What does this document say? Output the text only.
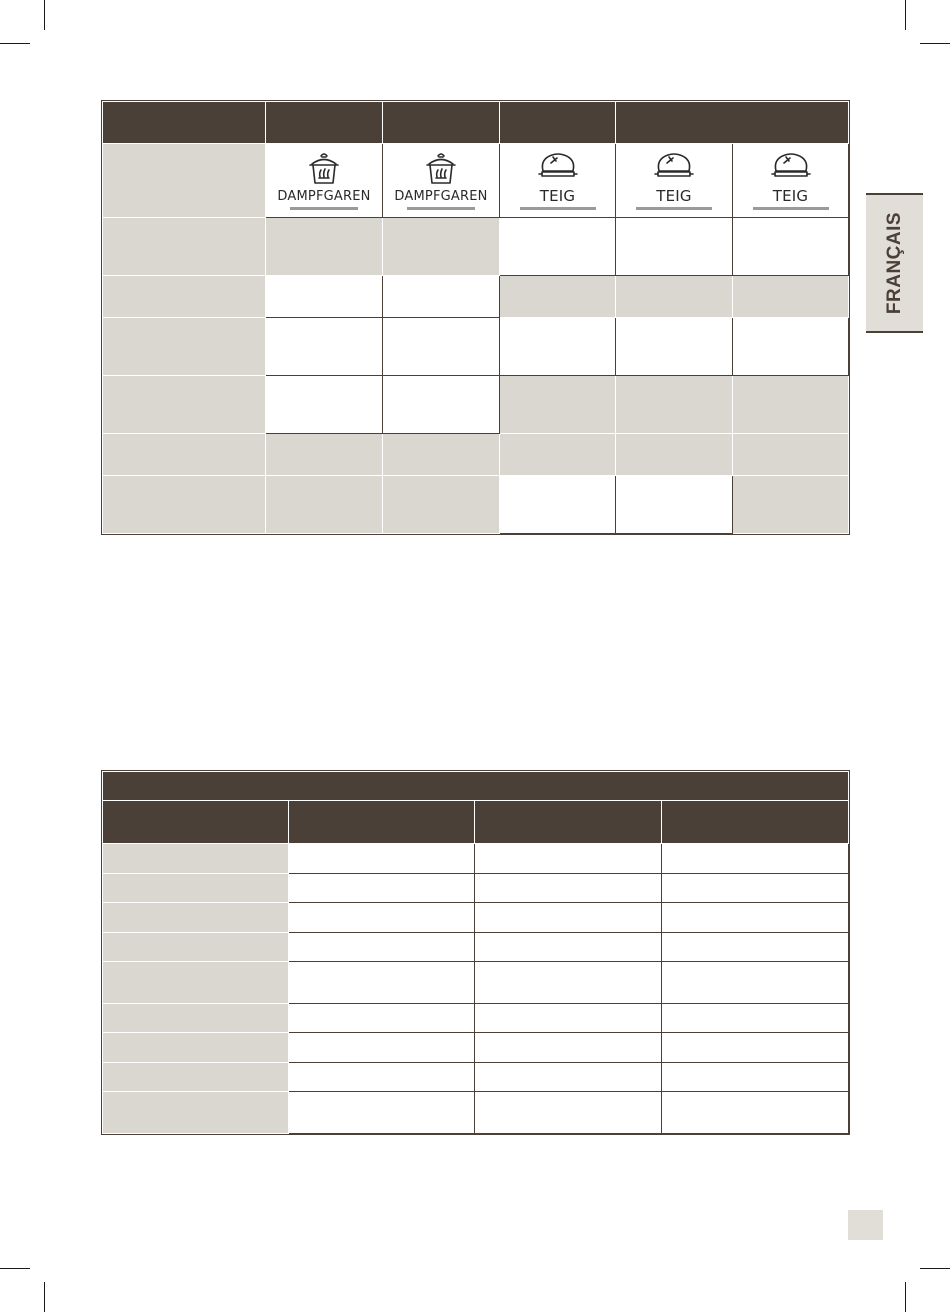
FRANÇAIS

	DAMPFGAREN	DAMPFGAREN	TEIG	TEIG	TEIG
